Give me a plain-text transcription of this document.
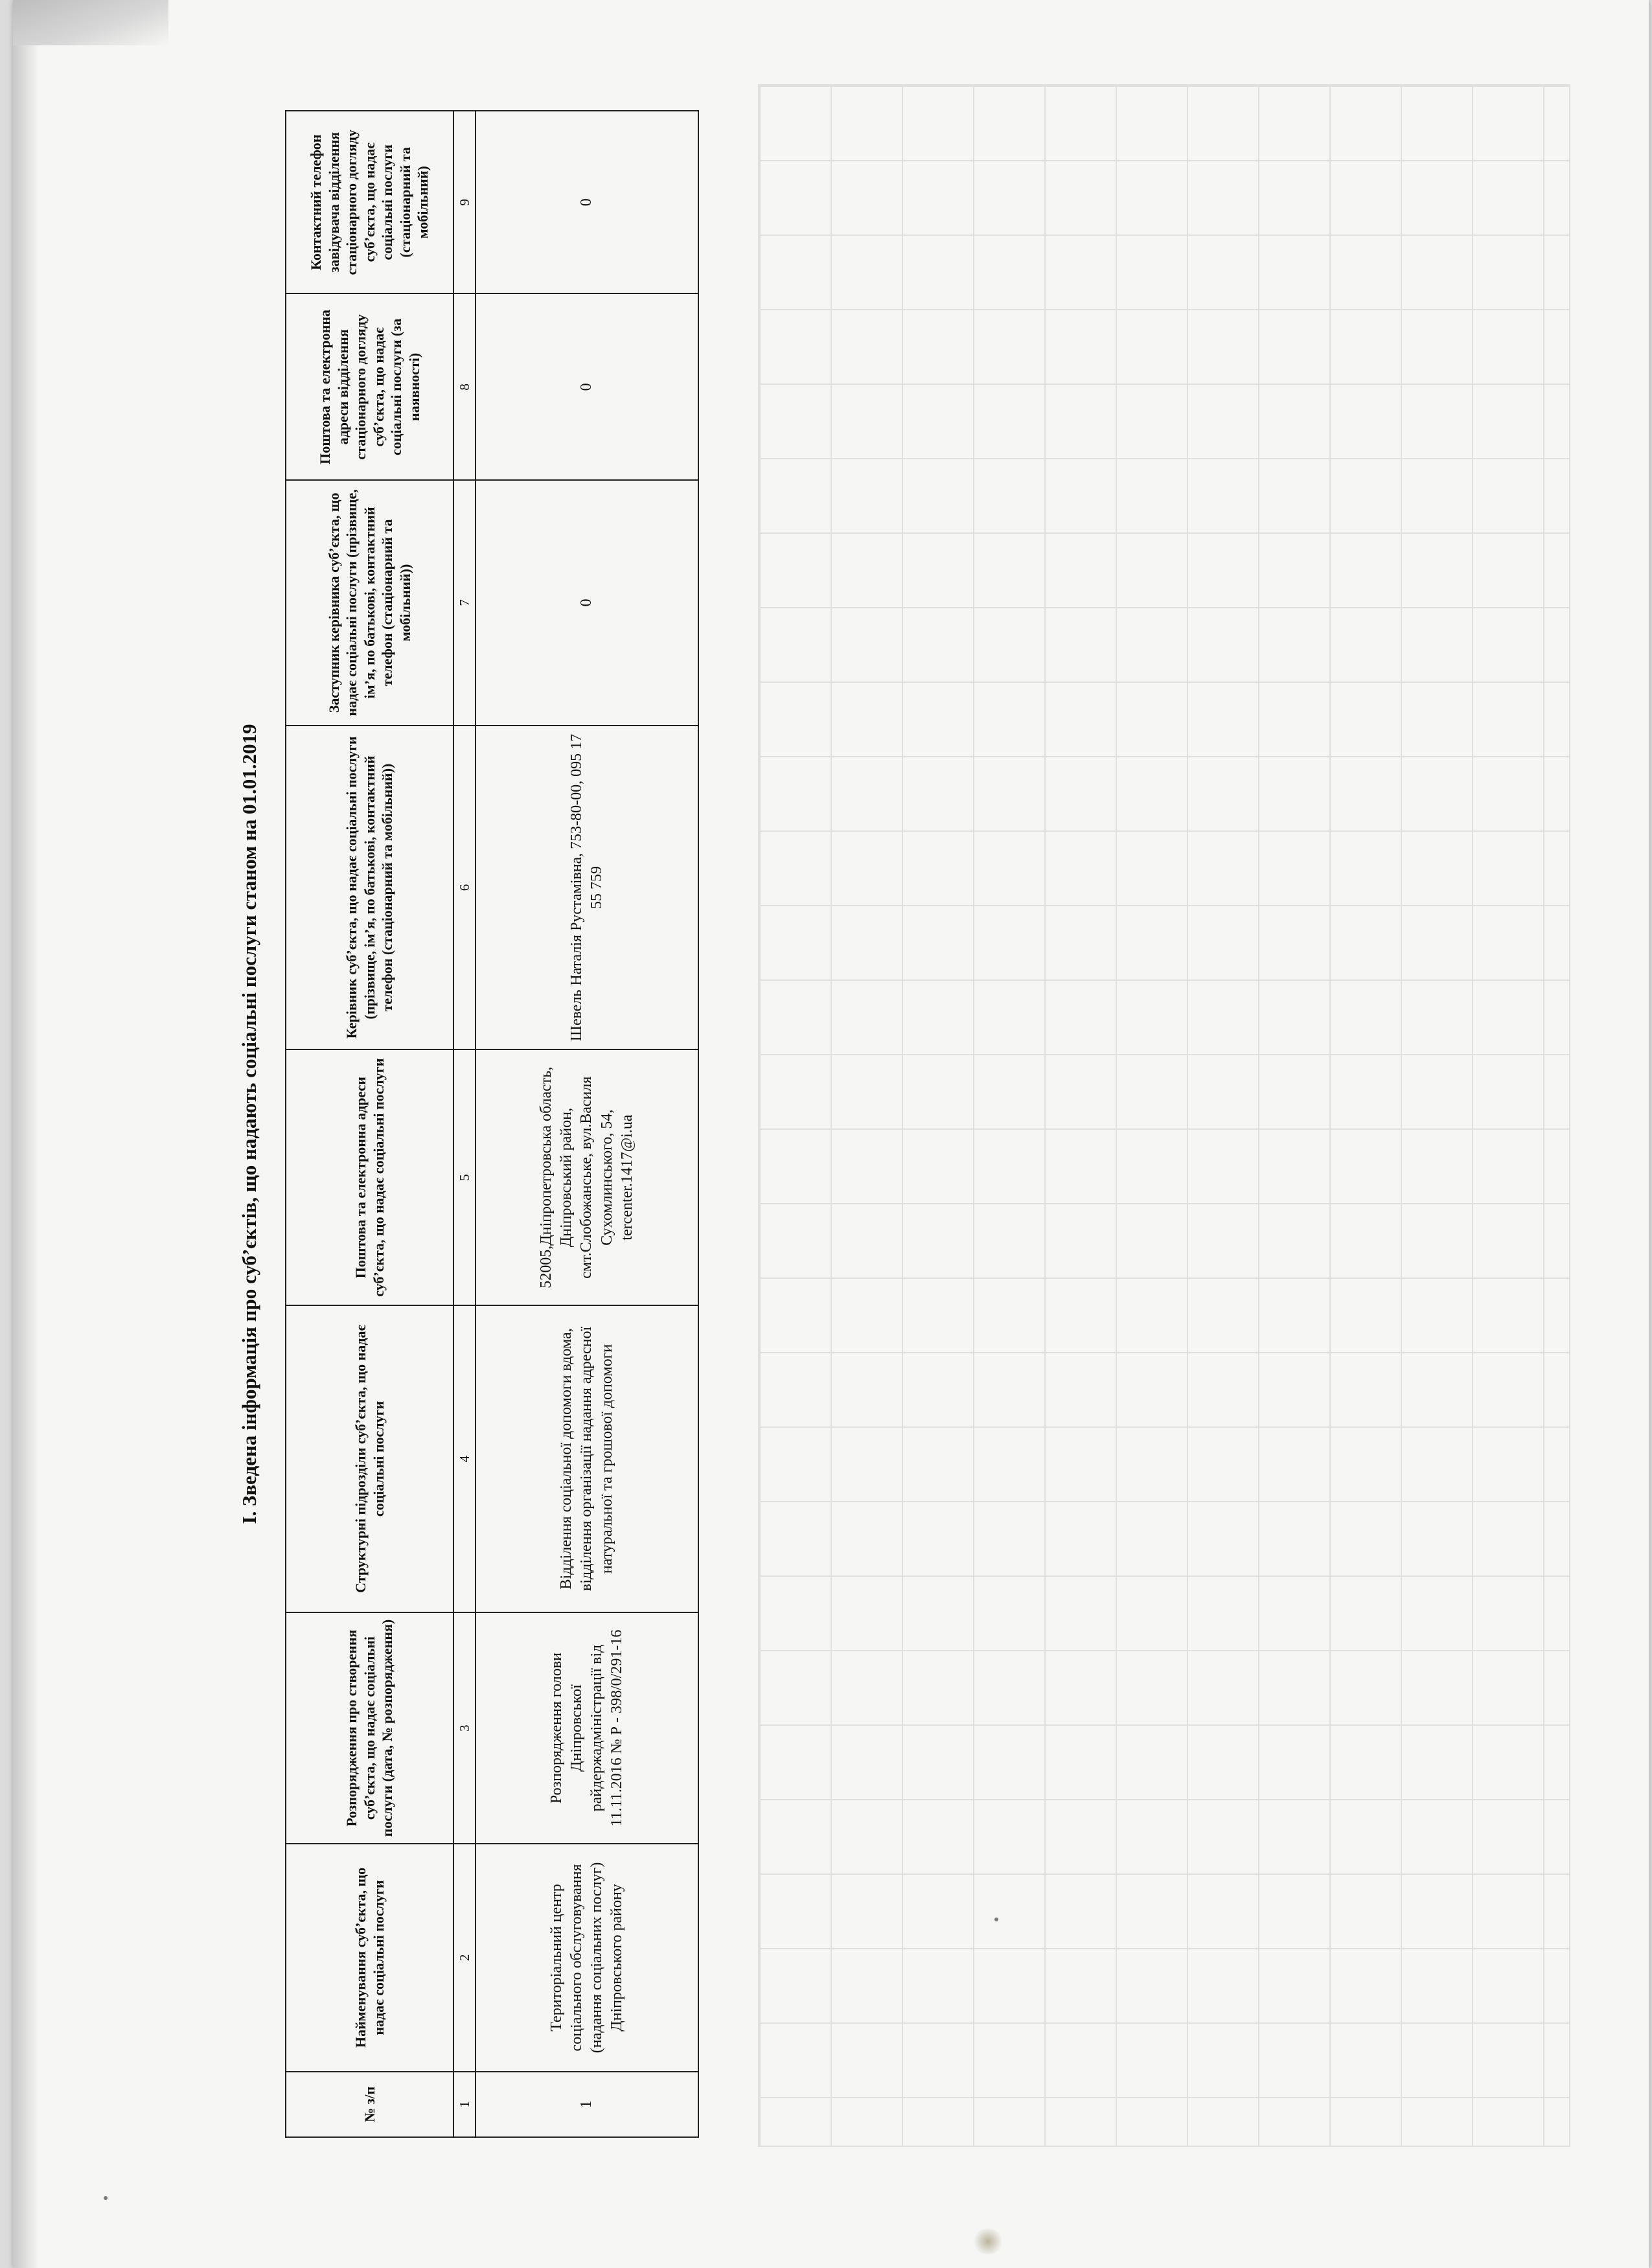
І. Зведена інформація про суб’єктів, що надають соціальні послуги станом на 01.01.2019
№ з/п	Найменування суб’єкта, що надає соціальні послуги	Розпорядження про створення суб’єкта, що надає соціальні послуги (дата, № розпорядження)	Структурні підрозділи суб’єкта, що надає соціальні послуги	Поштова та електронна адреси суб’єкта, що надає соціальні послуги	Керівник суб’єкта, що надає соціальні послуги (прізвище, ім’я, по батькові, контактний телефон (стаціонарний та мобільний))	Заступник керівника суб’єкта, що надає соціальні послуги (прізвище, ім’я, по батькові, контактний телефон (стаціонарний та мобільний))	Поштова та електронна адреси відділення стаціонарного догляду суб’єкта, що надає соціальні послуги (за наявності)	Контактний телефон завідувача відділення стаціонарного догляду суб’єкта, що надає соціальні послуги (стаціонарний та мобільний)
1	2	3	4	5	6	7	8	9
1	Територіальний центр соціального обслуговування (надання соціальних послуг) Дніпровського району	Розпорядження голови Дніпровської райдержадміністрації від 11.11.2016 № Р - 398/0/291-16	Відділення соціальної допомоги вдома, відділення організації надання адресної натуральної та грошової допомоги	52005,Дніпропетровська область, Дніпровський район, смт.Слобожанське, вул.Василя Сухомлинського, 54, tercenter.1417@i.ua	Шевель Наталія Рустамівна, 753-80-00, 095 17 55 759	0	0	0
